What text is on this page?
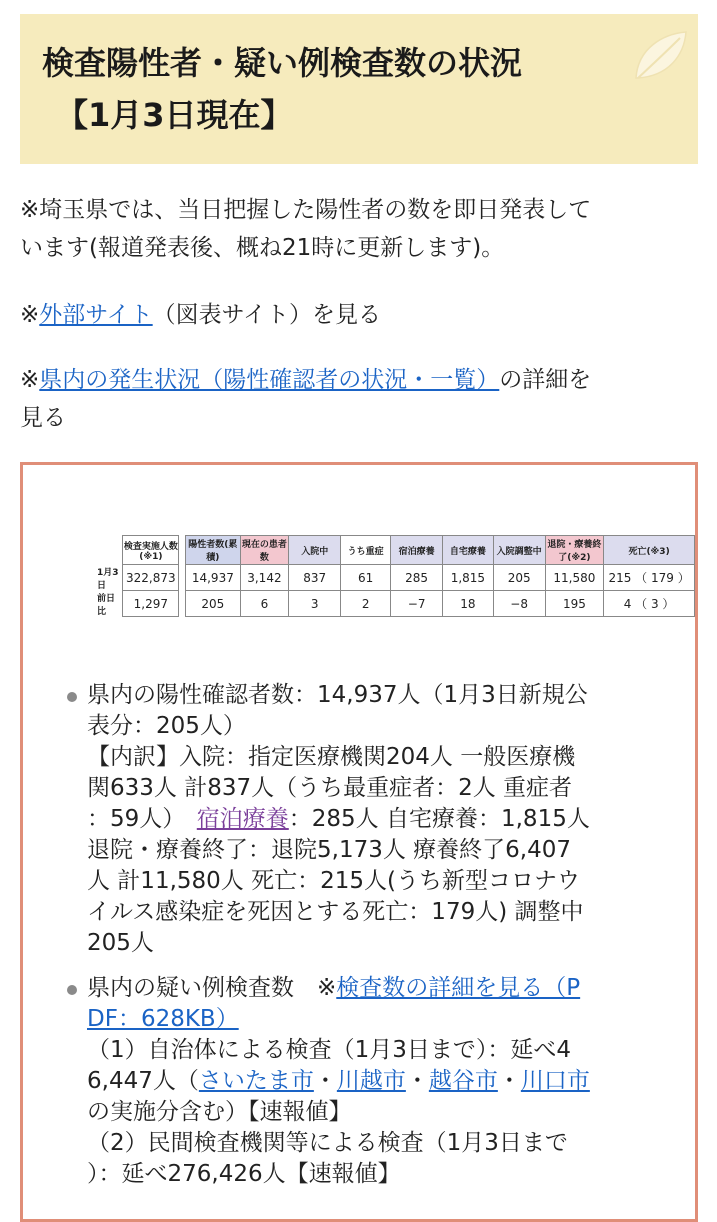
検査陽性者・疑い例検査数の状況
【1月3日現在】
※埼玉県では、当日把握した陽性者の数を即日発表して
います(報道発表後、概ね21時に更新します)。
※外部サイト（図表サイト）を見る
※県内の発生状況（陽性確認者の状況・一覧）の詳細を
見る
	検査実施人数(※1)		陽性者数(累積)	現在の患者数	入院中	うち重症	宿泊療養	自宅療養	入院調整中	退院・療養終了(※2)	死亡(※3)
1月3日	322,873		14,937	3,142	837	61	285	1,815	205	11,580	215 （ 179 ）
前日比	1,297		205	6	3	2	−7	18	−8	195	4 （ 3 ）
県内の陽性確認者数：14,937人（1月3日新規公
表分：205人）
【内訳】入院：指定医療機関204人 一般医療機
関633人 計837人（うち最重症者：2人 重症者
：59人）　 宿泊療養：285人 自宅療養：1,815人
退院・療養終了：退院5,173人 療養終了6,407
人 計11,580人 死亡：215人(うち新型コロナウ
イルス感染症を死因とする死亡：179人) 調整中
205人
県内の疑い例検査数　※検査数の詳細を見る（P
DF：628KB）
（1）自治体による検査（1月3日まで）：延べ4
6,447人（さいたま市・川越市・越谷市・川口市
の実施分含む）【速報値】
（2）民間検査機関等による検査（1月3日まで
）：延べ276,426人【速報値】
